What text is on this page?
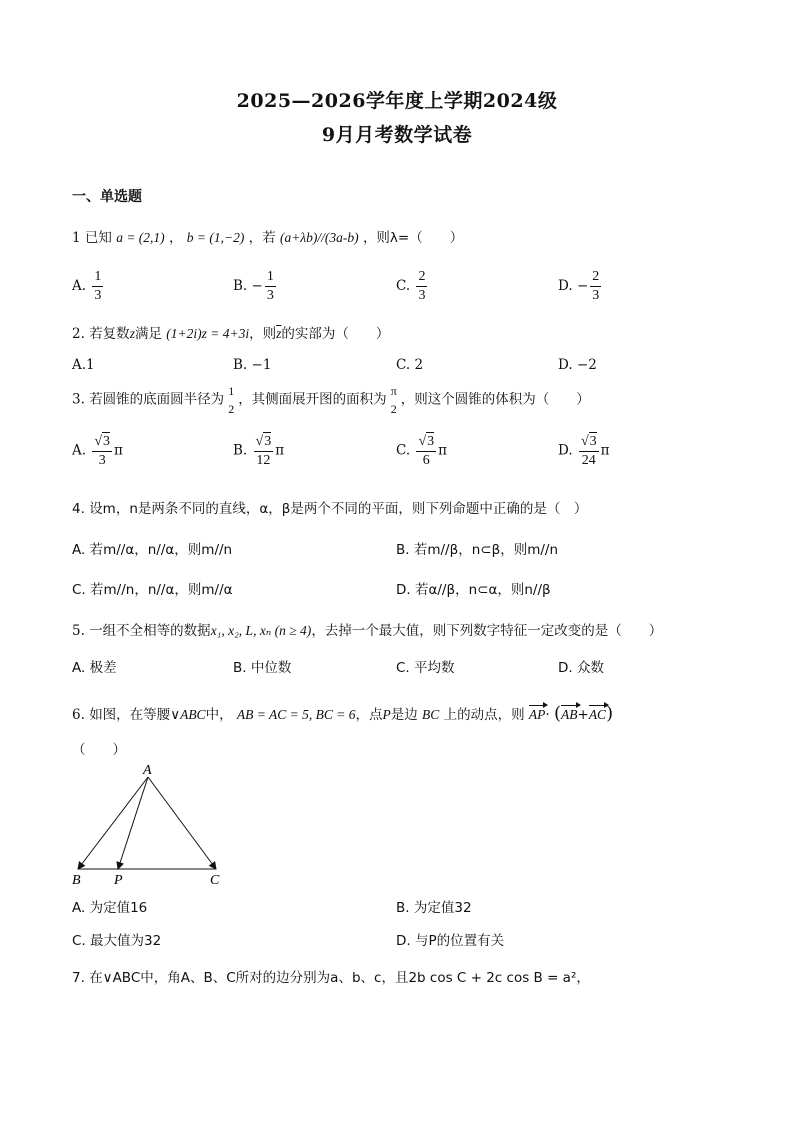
2025—2026学年度上学期2024级
9月月考数学试卷
一、单选题
1 已知 a = (2,1) ， b = (1,−2) ，若 (a+λb)//(3a-b) ，则λ=（　　）
A. $\frac{1}{3}$	B. − $\frac{1}{3}$	C. $\frac{2}{3}$	D. − $\frac{2}{3}$
2. 若复数z满足 (1+2i)z = 4+3i，则$\overline{z}$的实部为（　　）
A.1	B. −1	C. 2	D. −2
3. 若圆锥的底面圆半径为
1
2
，其侧面展开图的面积为
π
2
，则这个圆锥的体积为（　　）
A. $\frac{√3}{3}$ π	B. $\frac{√3}{12}$ π	C. $\frac{√3}{6}$ π	D. $\frac{√3}{24}$ π
4. 设m，n是两条不同的直线，α，β是两个不同的平面，则下列命题中正确的是（　）
A. 若m//α，n//α，则m//n	B. 若m//β，n⊂β，则m//n
C. 若m//n，n//α，则m//α	D. 若α//β，n⊂α，则n//β
5. 一组不全相等的数据x₁, x₂, L, xₙ (n ≥ 4)，去掉一个最大值，则下列数字特征一定改变的是（　　）
A. 极差	B. 中位数	C. 平均数	D. 众数
6. 如图，在等腰∨ABC中， AB = AC = 5, BC = 6，点P是边 BC 上的动点，则 AP· (AB+AC)
（　　）
A
B P	C
A. 为定值16	B. 为定值32
C. 最大值为32	D. 与P的位置有关
7. 在∨ABC中，角A、B、C所对的边分别为a、b、c，且2b cos C + 2c cos B = a²，
